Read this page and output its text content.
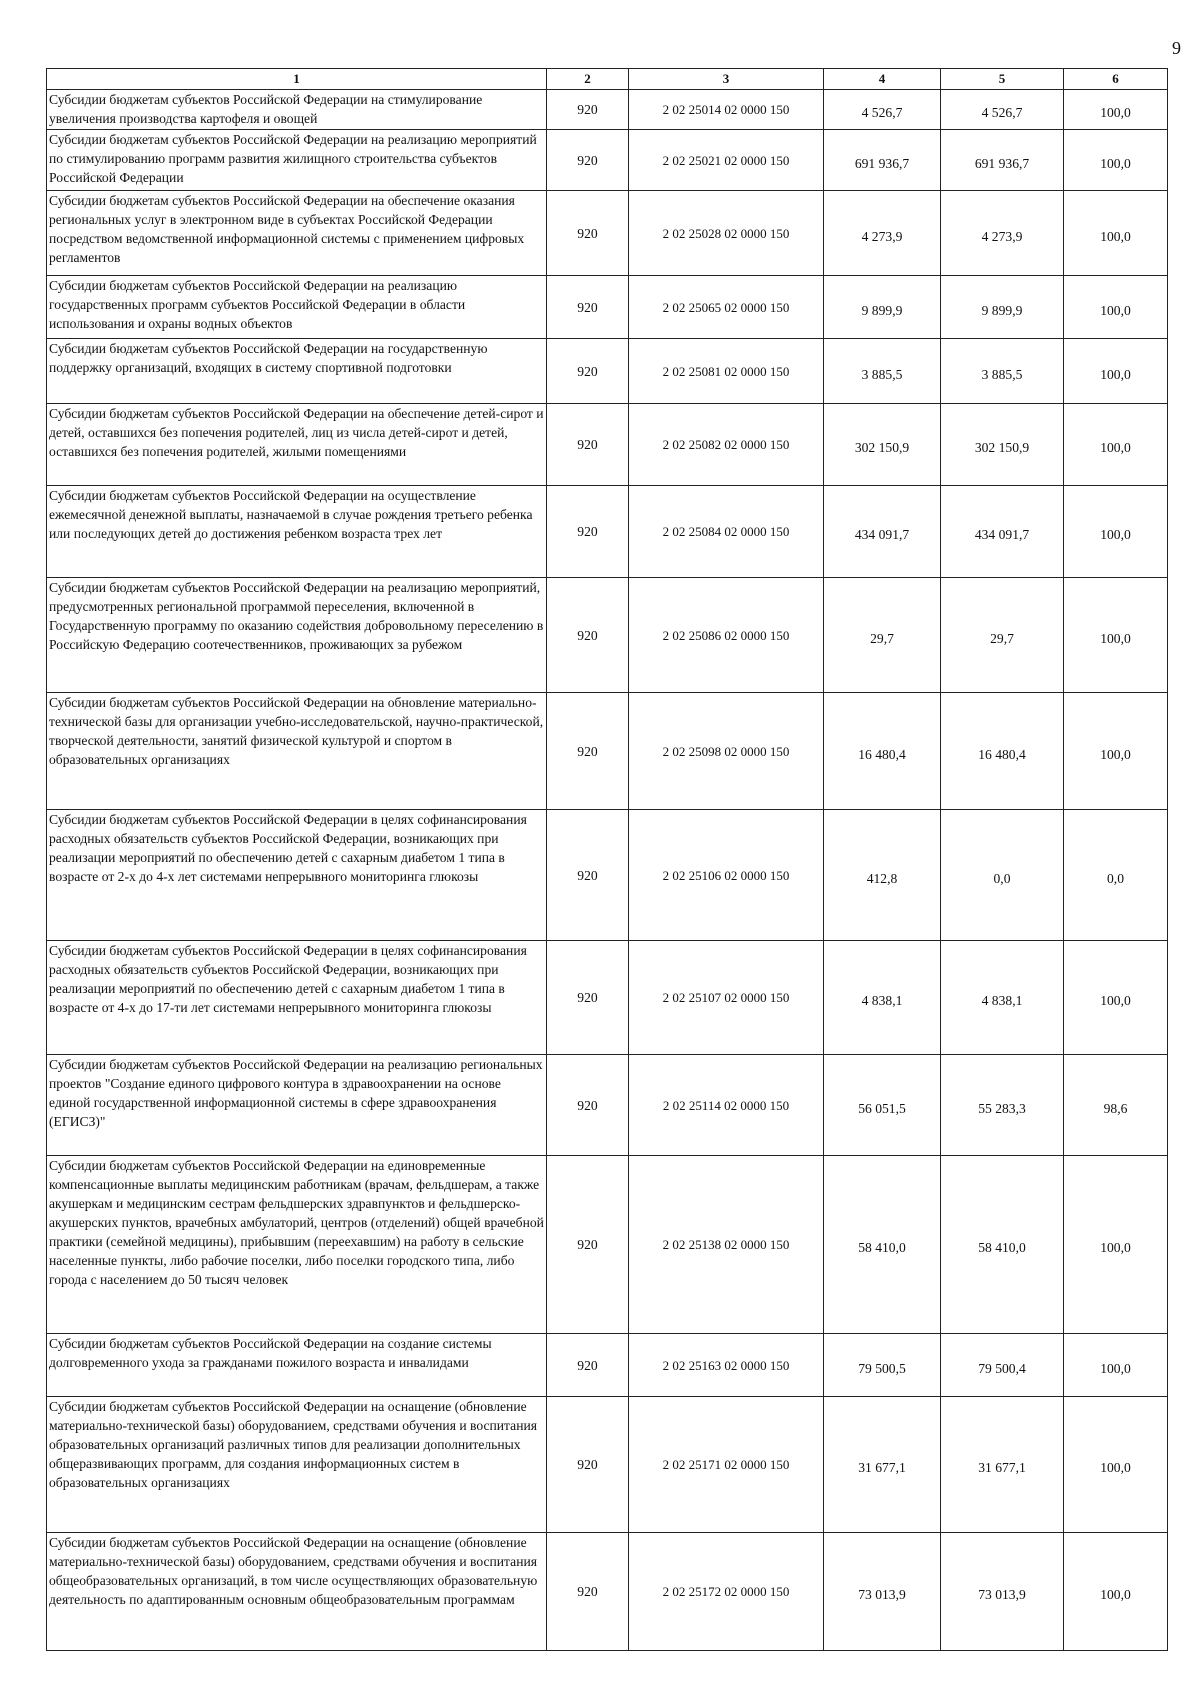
9
1	2	3	4	5	6
Субсидии бюджетам субъектов Российской Федерации на стимулирование увеличения производства картофеля и овощей	920	2 02 25014 02 0000 150	4 526,7	4 526,7	100,0
Субсидии бюджетам субъектов Российской Федерации на реализацию мероприятий по стимулированию программ развития жилищного строительства субъектов Российской Федерации	920	2 02 25021 02 0000 150	691 936,7	691 936,7	100,0
Субсидии бюджетам субъектов Российской Федерации на обеспечение оказания региональных услуг в электронном виде в субъектах Российской Федерации посредством ведомственной информационной системы с применением цифровых регламентов	920	2 02 25028 02 0000 150	4 273,9	4 273,9	100,0
Субсидии бюджетам субъектов Российской Федерации на реализацию государственных программ субъектов Российской Федерации в области использования и охраны водных объектов	920	2 02 25065 02 0000 150	9 899,9	9 899,9	100,0
Субсидии бюджетам субъектов Российской Федерации на государственную поддержку организаций, входящих в систему спортивной подготовки	920	2 02 25081 02 0000 150	3 885,5	3 885,5	100,0
Субсидии бюджетам субъектов Российской Федерации на обеспечение детей-сирот и детей, оставшихся без попечения родителей, лиц из числа детей-сирот и детей, оставшихся без попечения родителей, жилыми помещениями	920	2 02 25082 02 0000 150	302 150,9	302 150,9	100,0
Субсидии бюджетам субъектов Российской Федерации на осуществление ежемесячной денежной выплаты, назначаемой в случае рождения третьего ребенка или последующих детей до достижения ребенком возраста трех лет	920	2 02 25084 02 0000 150	434 091,7	434 091,7	100,0
Субсидии бюджетам субъектов Российской Федерации на реализацию мероприятий, предусмотренных региональной программой переселения, включенной в Государственную программу по оказанию содействия добровольному переселению в Российскую Федерацию соотечественников, проживающих за рубежом	920	2 02 25086 02 0000 150	29,7	29,7	100,0
Субсидии бюджетам субъектов Российской Федерации на обновление материально-технической базы для организации учебно-исследовательской, научно-практической, творческой деятельности, занятий физической культурой и спортом в образовательных организациях	920	2 02 25098 02 0000 150	16 480,4	16 480,4	100,0
Субсидии бюджетам субъектов Российской Федерации в целях софинансирования расходных обязательств субъектов Российской Федерации, возникающих при реализации мероприятий по обеспечению детей с сахарным диабетом 1 типа в возрасте от 2-х до 4-х лет системами непрерывного мониторинга глюкозы	920	2 02 25106 02 0000 150	412,8	0,0	0,0
Субсидии бюджетам субъектов Российской Федерации в целях софинансирования расходных обязательств субъектов Российской Федерации, возникающих при реализации мероприятий по обеспечению детей с сахарным диабетом 1 типа в возрасте от 4-х до 17-ти лет системами непрерывного мониторинга глюкозы	920	2 02 25107 02 0000 150	4 838,1	4 838,1	100,0
Субсидии бюджетам субъектов Российской Федерации на реализацию региональных проектов "Создание единого цифрового контура в здравоохранении на основе единой государственной информационной системы в сфере здравоохранения (ЕГИСЗ)"	920	2 02 25114 02 0000 150	56 051,5	55 283,3	98,6
Субсидии бюджетам субъектов Российской Федерации на единовременные компенсационные выплаты медицинским работникам (врачам, фельдшерам, а также акушеркам и медицинским сестрам фельдшерских здравпунктов и фельдшерско-акушерских пунктов, врачебных амбулаторий, центров (отделений) общей врачебной практики (семейной медицины), прибывшим (переехавшим) на работу в сельские населенные пункты, либо рабочие поселки, либо поселки городского типа, либо города с населением до 50 тысяч человек	920	2 02 25138 02 0000 150	58 410,0	58 410,0	100,0
Субсидии бюджетам субъектов Российской Федерации на создание системы долговременного ухода за гражданами пожилого возраста и инвалидами	920	2 02 25163 02 0000 150	79 500,5	79 500,4	100,0
Субсидии бюджетам субъектов Российской Федерации на оснащение (обновление материально-технической базы) оборудованием, средствами обучения и воспитания образовательных организаций различных типов для реализации дополнительных общеразвивающих программ, для создания информационных систем в образовательных организациях	920	2 02 25171 02 0000 150	31 677,1	31 677,1	100,0
Субсидии бюджетам субъектов Российской Федерации на оснащение (обновление материально-технической базы) оборудованием, средствами обучения и воспитания общеобразовательных организаций, в том числе осуществляющих образовательную деятельность по адаптированным основным общеобразовательным программам	920	2 02 25172 02 0000 150	73 013,9	73 013,9	100,0
